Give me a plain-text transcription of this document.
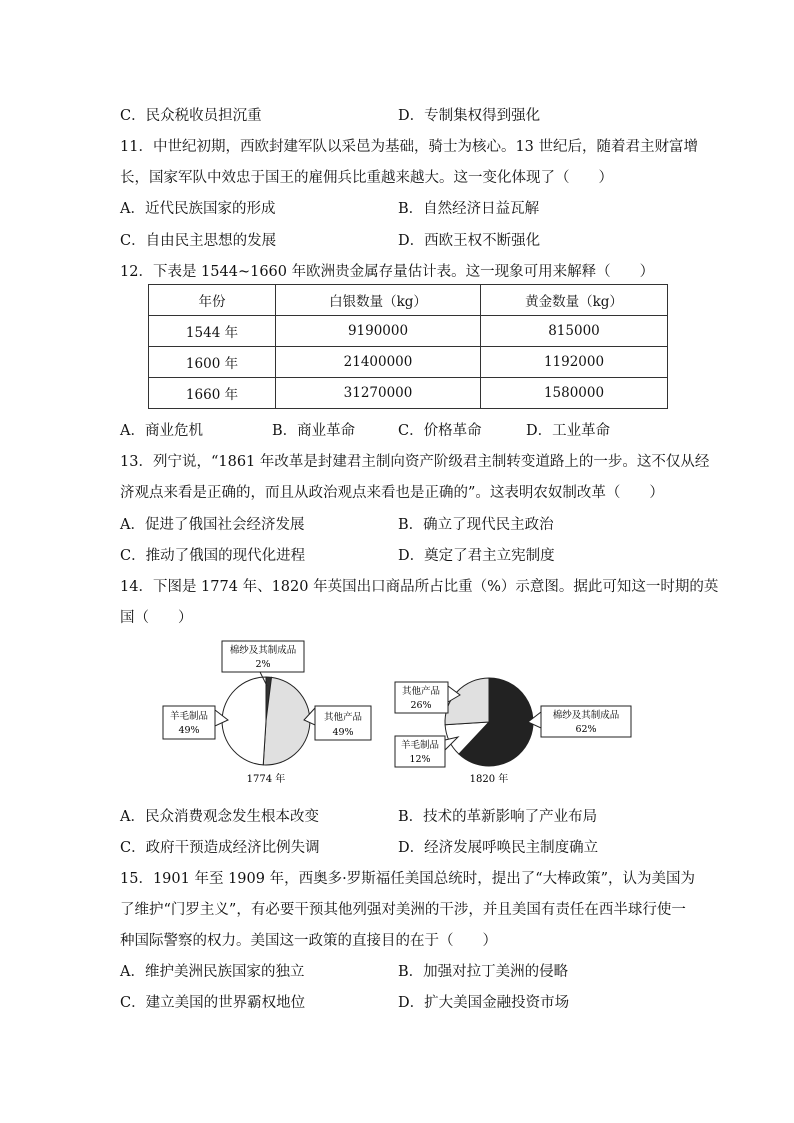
C．民众税收员担沉重	D．专制集权得到强化
11．中世纪初期，西欧封建军队以采邑为基础，骑士为核心。13 世纪后，随着君主财富增
长，国家军队中效忠于国王的雇佣兵比重越来越大。这一变化体现了（　　）
A．近代民族国家的形成	B．自然经济日益瓦解
C．自由民主思想的发展	D．西欧王权不断强化
12．下表是 1544~1660 年欧洲贵金属存量估计表。这一现象可用来解释（　　）
年份	白银数量（kg）	黄金数量（kg）
1544 年	9190000	815000
1600 年	21400000	1192000
1660 年	31270000	1580000
A．商业危机	B．商业革命	C．价格革命	D．工业革命
13．列宁说，“1861 年改革是封建君主制向资产阶级君主制转变道路上的一步。这不仅从经
济观点来看是正确的，而且从政治观点来看也是正确的”。这表明农奴制改革（　　）
A．促进了俄国社会经济发展	B．确立了现代民主政治
C．推动了俄国的现代化进程	D．奠定了君主立宪制度
14．下图是 1774 年、1820 年英国出口商品所占比重（%）示意图。据此可知这一时期的英
国（　　）
棉纱及其制成品
2%
其他产品
49%
羊毛制品
49%
1774 年
其他产品
26%
羊毛制品
12%
棉纱及其制成品
62%
1820 年
A．民众消费观念发生根本改变	B．技术的革新影响了产业布局
C．政府干预造成经济比例失调	D．经济发展呼唤民主制度确立
15．1901 年至 1909 年，西奥多·罗斯福任美国总统时，提出了“大棒政策”，认为美国为
了维护“门罗主义”，有必要干预其他列强对美洲的干涉，并且美国有责任在西半球行使一
种国际警察的权力。美国这一政策的直接目的在于（　　）
A．维护美洲民族国家的独立	B．加强对拉丁美洲的侵略
C．建立美国的世界霸权地位	D．扩大美国金融投资市场
